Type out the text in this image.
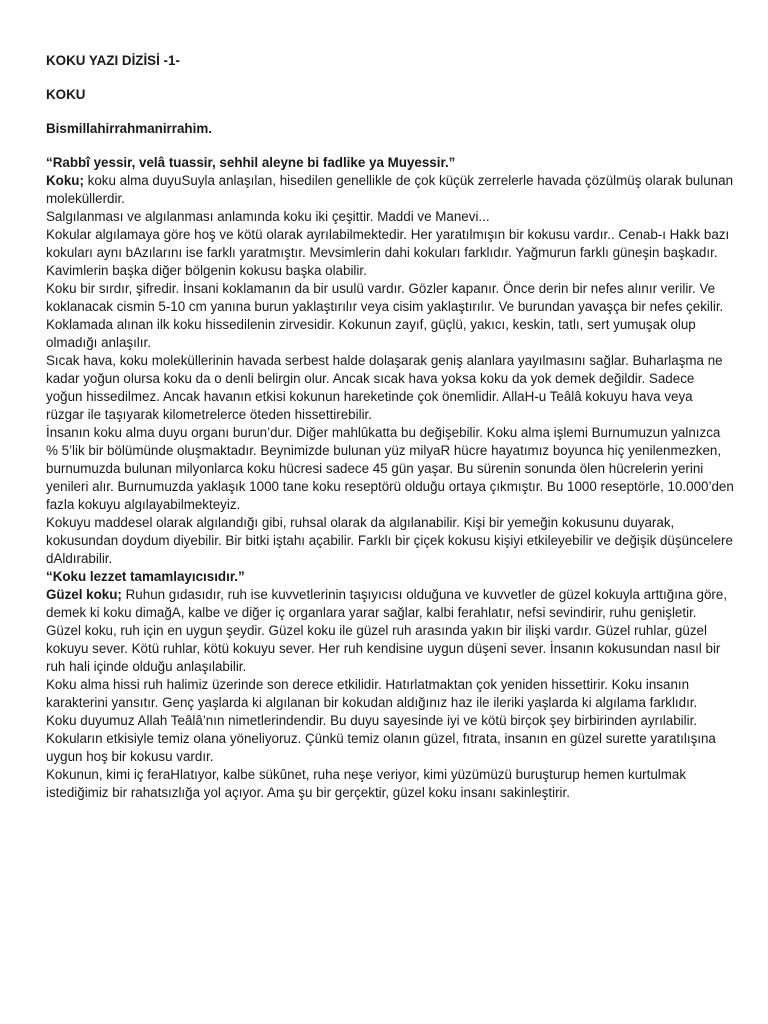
KOKU YAZI DİZİSİ -1-

KOKU

Bismillahirrahmanirrahim.

“Rabbî yessir, velâ tuassir, sehhil aleyne bi fadlike ya Muyessir.”

Koku; koku alma duyuSuyla anlaşılan, hisedilen genellikle de çok küçük zerrelerle havada çözülmüş olarak bulunan moleküllerdir.

Salgılanması ve algılanması anlamında koku iki çeşittir. Maddi ve Manevi...

Kokular algılamaya göre hoş ve kötü olarak ayrılabilmektedir. Her yaratılmışın bir kokusu vardır.. Cenab-ı Hakk bazı kokuları aynı bAzılarını ise farklı yaratmıştır. Mevsimlerin dahi kokuları farklıdır. Yağmurun farklı güneşin başkadır. Kavimlerin başka diğer bölgenin kokusu başka olabilir.

Koku bir sırdır, şifredir. İnsani koklamanın da bir usulü vardır. Gözler kapanır. Önce derin bir nefes alınır verilir. Ve koklanacak cismin 5-10 cm yanına burun yaklaştırılır veya cisim yaklaştırılır. Ve burundan yavaşça bir nefes çekilir. Koklamada alınan ilk koku hissedilenin zirvesidir. Kokunun zayıf, güçlü, yakıcı, keskin, tatlı, sert yumuşak olup olmadığı anlaşılır.

Sıcak hava, koku moleküllerinin havada serbest halde dolaşarak geniş alanlara yayılmasını sağlar. Buharlaşma ne kadar yoğun olursa koku da o denli belirgin olur. Ancak sıcak hava yoksa koku da yok demek değildir. Sadece yoğun hissedilmez. Ancak havanın etkisi kokunun hareketinde çok önemlidir. AllaH-u Teâlâ kokuyu hava veya rüzgar ile taşıyarak kilometrelerce öteden hissettirebilir.

İnsanın koku alma duyu organı burun’dur. Diğer mahlûkatta bu değişebilir. Koku alma işlemi Burnumuzun yalnızca % 5’lik bir bölümünde oluşmaktadır. Beynimizde bulunan yüz milyaR hücre hayatımız boyunca hiç yenilenmezken, burnumuzda bulunan milyonlarca koku hücresi sadece 45 gün yaşar. Bu sürenin sonunda ölen hücrelerin yerini yenileri alır. Burnumuzda yaklaşık 1000 tane koku reseptörü olduğu ortaya çıkmıştır. Bu 1000 reseptörle, 10.000’den fazla kokuyu algılayabilmekteyiz.

Kokuyu maddesel olarak algılandığı gibi, ruhsal olarak da algılanabilir. Kişi bir yemeğin kokusunu duyarak, kokusundan doydum diyebilir. Bir bitki iştahı açabilir. Farklı bir çiçek kokusu kişiyi etkileyebilir ve değişik düşüncelere dAldırabilir.

“Koku lezzet tamamlayıcısıdır.”

Güzel koku; Ruhun gıdasıdır, ruh ise kuvvetlerinin taşıyıcısı olduğuna ve kuvvetler de güzel kokuyla arttığına göre, demek ki koku dimağA, kalbe ve diğer iç organlara yarar sağlar, kalbi ferahlatır, nefsi sevindirir, ruhu genişletir. Güzel koku, ruh için en uygun şeydir. Güzel koku ile güzel ruh arasında yakın bir ilişki vardır. Güzel ruhlar, güzel kokuyu sever. Kötü ruhlar, kötü kokuyu sever. Her ruh kendisine uygun düşeni sever. İnsanın kokusundan nasıl bir ruh hali içinde olduğu anlaşılabilir.

Koku alma hissi ruh halimiz üzerinde son derece etkilidir. Hatırlatmaktan çok yeniden hissettirir. Koku insanın karakterini yansıtır. Genç yaşlarda ki algılanan bir kokudan aldığınız haz ile ileriki yaşlarda ki algılama farklıdır.

Koku duyumuz Allah Teâlâ’nın nimetlerindendir. Bu duyu sayesinde iyi ve kötü birçok şey birbirinden ayrılabilir. Kokuların etkisiyle temiz olana yöneliyoruz. Çünkü temiz olanın güzel, fıtrata, insanın en güzel surette yaratılışına uygun hoş bir kokusu vardır.

Kokunun, kimi iç feraHlatıyor, kalbe sükûnet, ruha neşe veriyor, kimi yüzümüzü buruşturup hemen kurtulmak istediğimiz bir rahatsızlığa yol açıyor. Ama şu bir gerçektir, güzel koku insanı sakinleştirir.
